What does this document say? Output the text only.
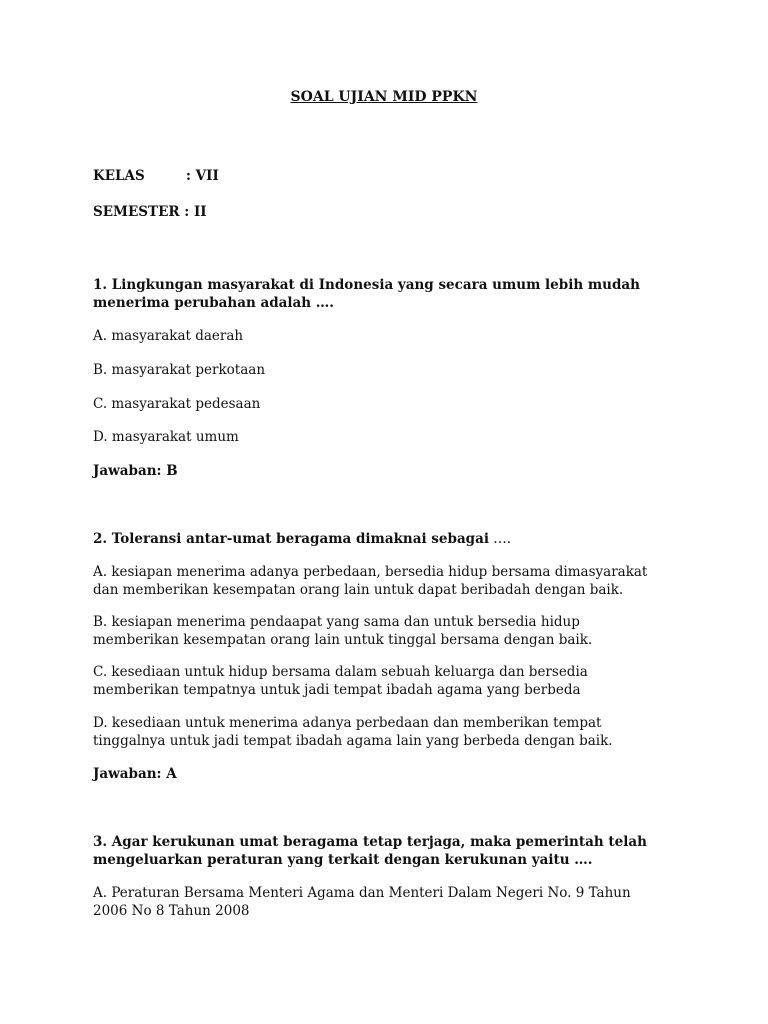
SOAL UJIAN MID PPKN
KELAS	: VII
SEMESTER : II
1. Lingkungan masyarakat di Indonesia yang secara umum lebih mudah menerima perubahan adalah ….
A. masyarakat daerah
B. masyarakat perkotaan
C. masyarakat pedesaan
D. masyarakat umum
Jawaban: B
2. Toleransi antar-umat beragama dimaknai sebagai ….
A. kesiapan menerima adanya perbedaan, bersedia hidup bersama dimasyarakat dan memberikan kesempatan orang lain untuk dapat beribadah dengan baik.
B. kesiapan menerima pendaapat yang sama dan untuk bersedia hidup memberikan kesempatan orang lain untuk tinggal bersama dengan baik.
C. kesediaan untuk hidup bersama dalam sebuah keluarga dan bersedia memberikan tempatnya untuk jadi tempat ibadah agama yang berbeda
D. kesediaan untuk menerima adanya perbedaan dan memberikan tempat tinggalnya untuk jadi tempat ibadah agama lain yang berbeda dengan baik.
Jawaban: A
3. Agar kerukunan umat beragama tetap terjaga, maka pemerintah telah mengeluarkan peraturan yang terkait dengan kerukunan yaitu ….
A. Peraturan Bersama Menteri Agama dan Menteri Dalam Negeri No. 9 Tahun 2006 No 8 Tahun 2008
